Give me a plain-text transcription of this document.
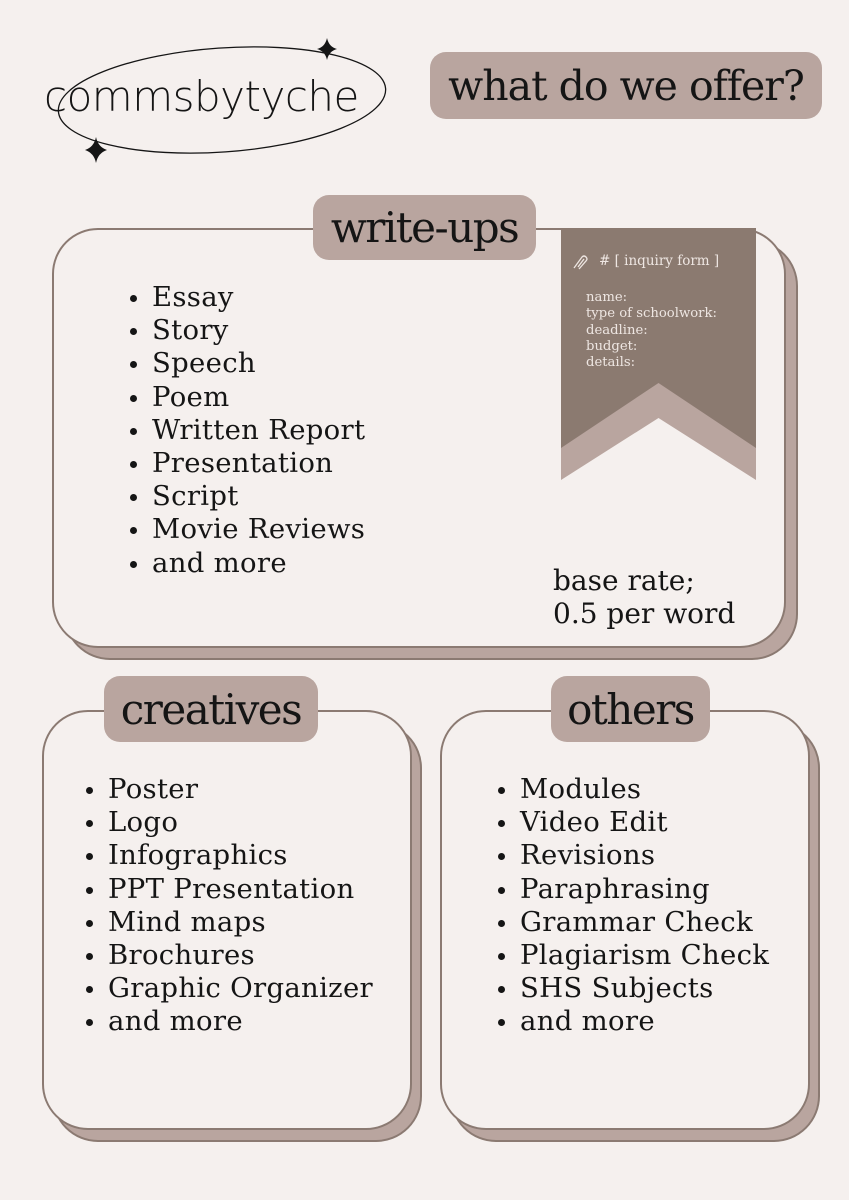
commsbytyche what do we offer?
# [ inquiry form ]
name:
type of schoolwork:
deadline:
budget:
details:
write-ups
Essay
Story
Speech
Poem
Written Report
Presentation
Script
Movie Reviews
and more
base rate;
0.5 per word
creatives
Poster
Logo
Infographics
PPT Presentation
Mind maps
Brochures
Graphic Organizer
and more
others
Modules
Video Edit
Revisions
Paraphrasing
Grammar Check
Plagiarism Check
SHS Subjects
and more
